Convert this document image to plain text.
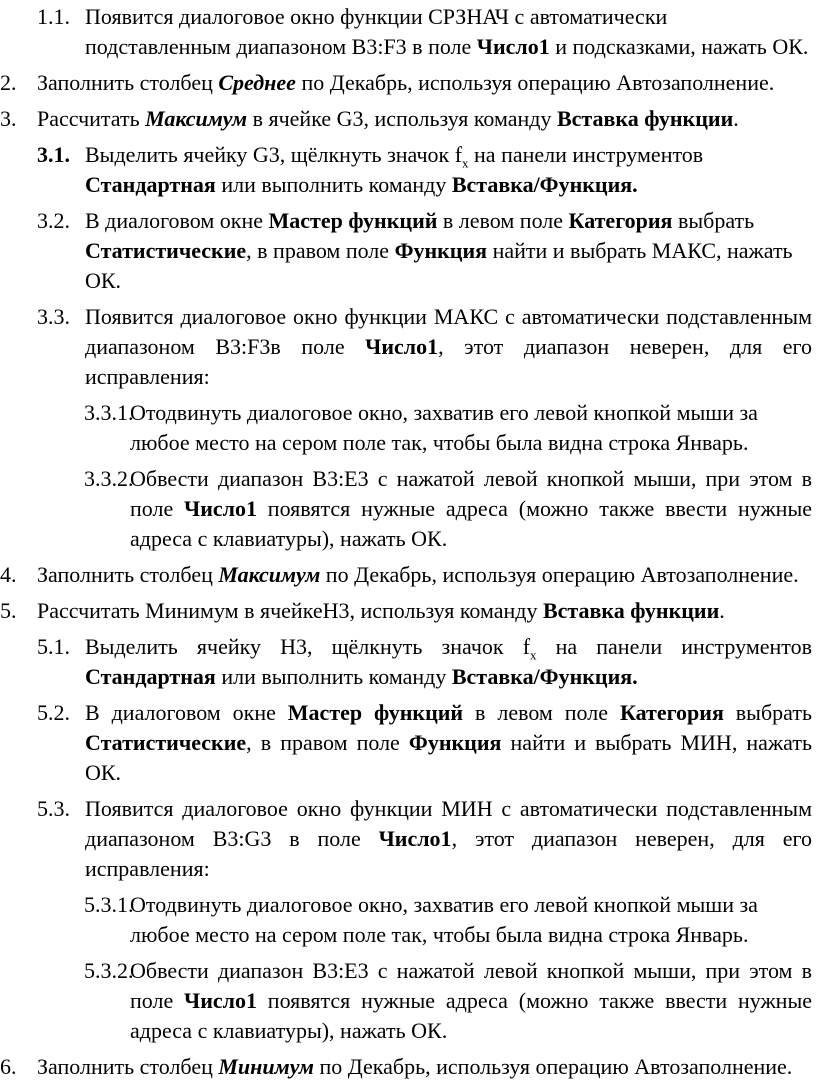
1.1. Появится диалоговое окно функции СРЗНАЧ с автоматически подставленным диапазоном B3:F3 в поле Число1 и подсказками, нажать ОК.
2. Заполнить столбец Среднее по Декабрь, используя операцию Автозаполнение.
3. Рассчитать Максимум в ячейке G3, используя команду Вставка функции.
3.1. Выделить ячейку G3, щёлкнуть значок $f_x$ на панели инструментов Стандартная или выполнить команду Вставка/Функция.
3.2. В диалоговом окне Мастер функций в левом поле Категория выбрать Статистические, в правом поле Функция найти и выбрать МАКС, нажать ОК.
3.3. Появится диалоговое окно функции МАКС с автоматически подставленным диапазоном B3:F3в поле Число1, этот диапазон неверен, для его исправления:
3.3.1.
Отодвинуть диалоговое окно, захватив его левой кнопкой мыши за любое место на сером поле так, чтобы была видна строка Январь.
3.3.2.
Обвести диапазон B3:E3 с нажатой левой кнопкой мыши, при этом в поле Число1 появятся нужные адреса (можно также ввести нужные адреса с клавиатуры), нажать ОК.
4. Заполнить столбец Максимум по Декабрь, используя операцию Автозаполнение.
5. Рассчитать Минимум в ячейкеН3, используя команду Вставка функции.
5.1. Выделить ячейку Н3, щёлкнуть значок $f_x$ на панели инструментов Стандартная или выполнить команду Вставка/Функция.
5.2. В диалоговом окне Мастер функций в левом поле Категория выбрать Статистические, в правом поле Функция найти и выбрать МИН, нажать ОК.
5.3. Появится диалоговое окно функции МИН с автоматически подставленным диапазоном B3:G3 в поле Число1, этот диапазон неверен, для его исправления:
5.3.1.
Отодвинуть диалоговое окно, захватив его левой кнопкой мыши за любое место на сером поле так, чтобы была видна строка Январь.
5.3.2.
Обвести диапазон B3:E3 с нажатой левой кнопкой мыши, при этом в поле Число1 появятся нужные адреса (можно также ввести нужные адреса с клавиатуры), нажать ОК.
6. Заполнить столбец Минимум по Декабрь, используя операцию Автозаполнение.
